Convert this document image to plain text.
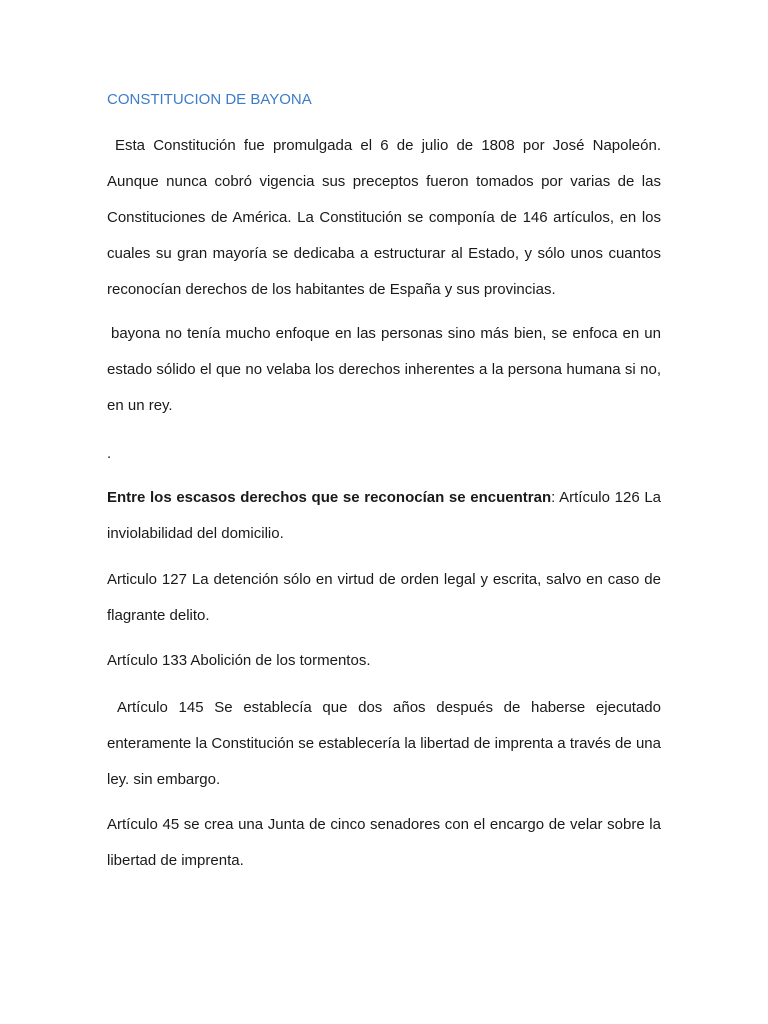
CONSTITUCION DE BAYONA

Esta Constitución fue promulgada el 6 de julio de 1808 por José Napoleón. Aunque nunca cobró vigencia sus preceptos fueron tomados por varias de las Constituciones de América. La Constitución se componía de 146 artículos, en los cuales su gran mayoría se dedicaba a estructurar al Estado, y sólo unos cuantos reconocían derechos de los habitantes de España y sus provincias.

bayona no tenía mucho enfoque en las personas sino más bien, se enfoca en un estado sólido el que no velaba los derechos inherentes a la persona humana si no, en un rey.

.

Entre los escasos derechos que se reconocían se encuentran: Artículo 126 La inviolabilidad del domicilio.

Articulo 127 La detención sólo en virtud de orden legal y escrita, salvo en caso de flagrante delito.

Artículo 133 Abolición de los tormentos.

Artículo 145 Se establecía que dos años después de haberse ejecutado enteramente la Constitución se establecería la libertad de imprenta a través de una ley. sin embargo.

Artículo 45 se crea una Junta de cinco senadores con el encargo de velar sobre la libertad de imprenta.
